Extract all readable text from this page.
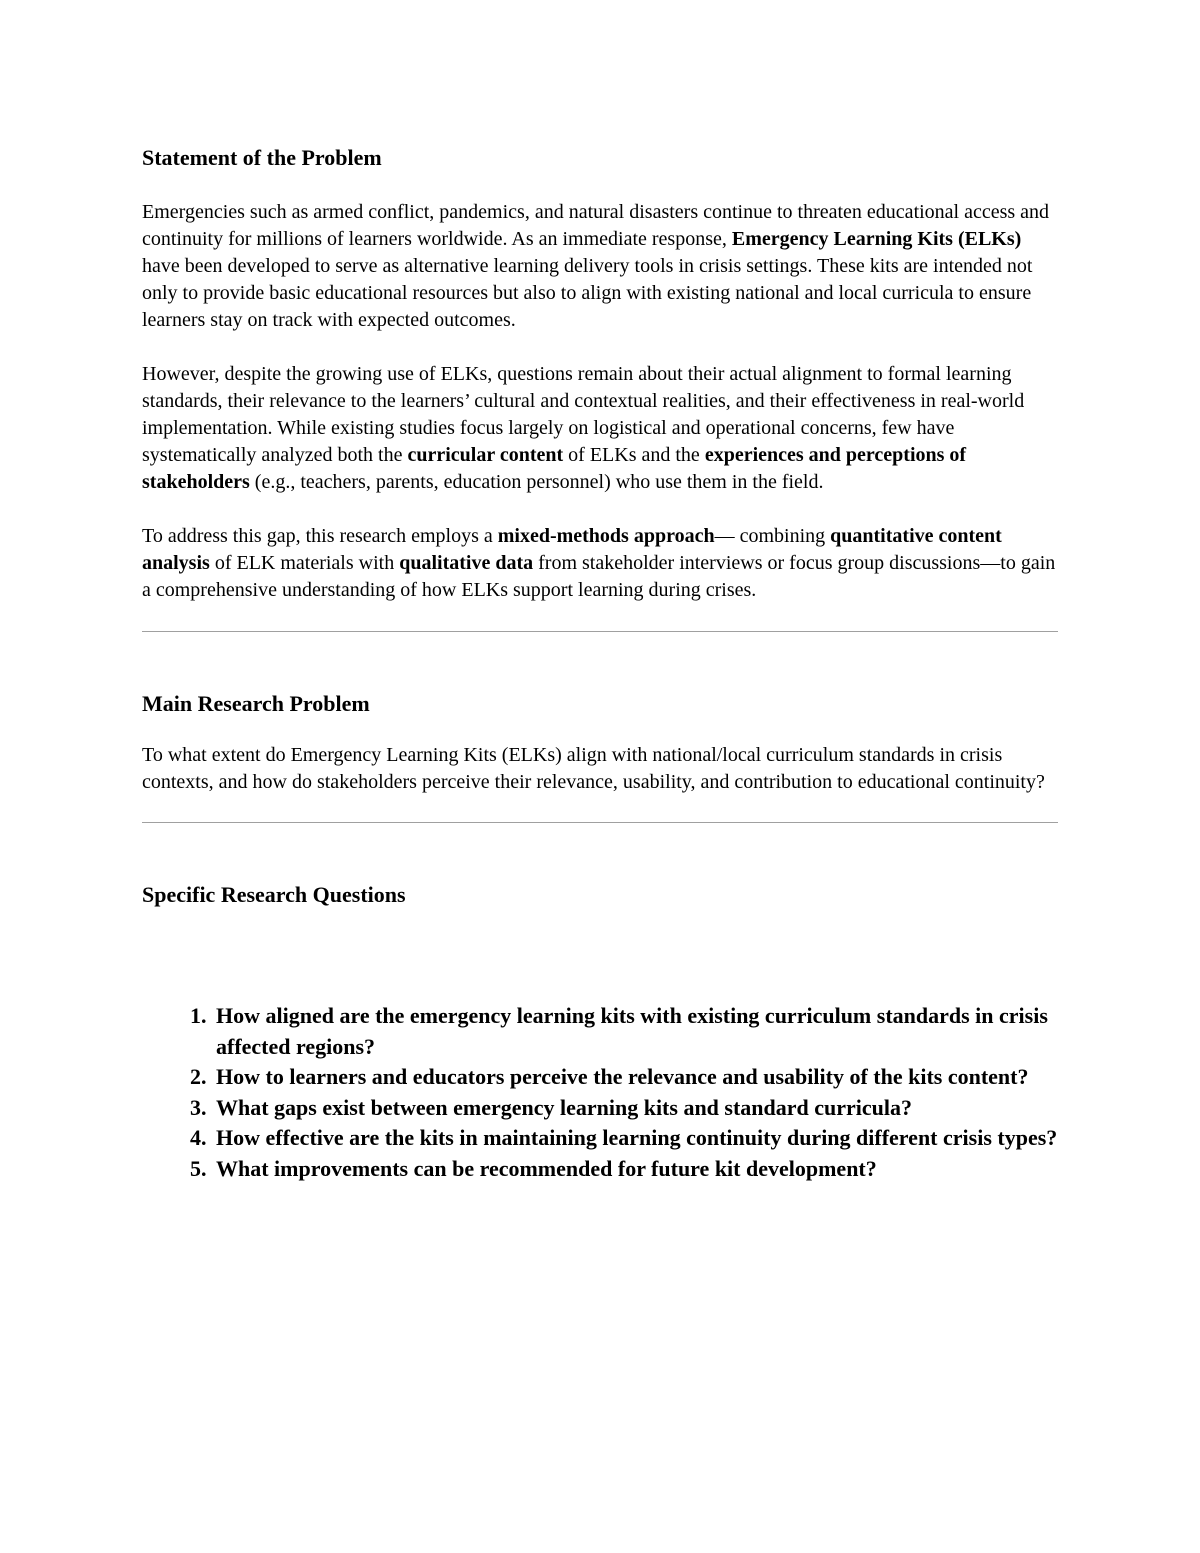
Statement of the Problem

Emergencies such as armed conflict, pandemics, and natural disasters continue to threaten educational access and continuity for millions of learners worldwide. As an immediate response, Emergency Learning Kits (ELKs) have been developed to serve as alternative learning delivery tools in crisis settings. These kits are intended not only to provide basic educational resources but also to align with existing national and local curricula to ensure learners stay on track with expected outcomes.

However, despite the growing use of ELKs, questions remain about their actual alignment to formal learning standards, their relevance to the learners’ cultural and contextual realities, and their effectiveness in real-world implementation. While existing studies focus largely on logistical and operational concerns, few have systematically analyzed both the curricular content of ELKs and the experiences and perceptions of stakeholders (e.g., teachers, parents, education personnel) who use them in the field.

To address this gap, this research employs a mixed-methods approach— combining quantitative content analysis of ELK materials with qualitative data from stakeholder interviews or focus group discussions—to gain a comprehensive understanding of how ELKs support learning during crises.

Main Research Problem

To what extent do Emergency Learning Kits (ELKs) align with national/local curriculum standards in crisis contexts, and how do stakeholders perceive their relevance, usability, and contribution to educational continuity?

Specific Research Questions
1. How aligned are the emergency learning kits with existing curriculum standards in crisis affected regions?
2. How to learners and educators perceive the relevance and usability of the kits content?
3. What gaps exist between emergency learning kits and standard curricula?
4. How effective are the kits in maintaining learning continuity during different crisis types?
5. What improvements can be recommended for future kit development?
